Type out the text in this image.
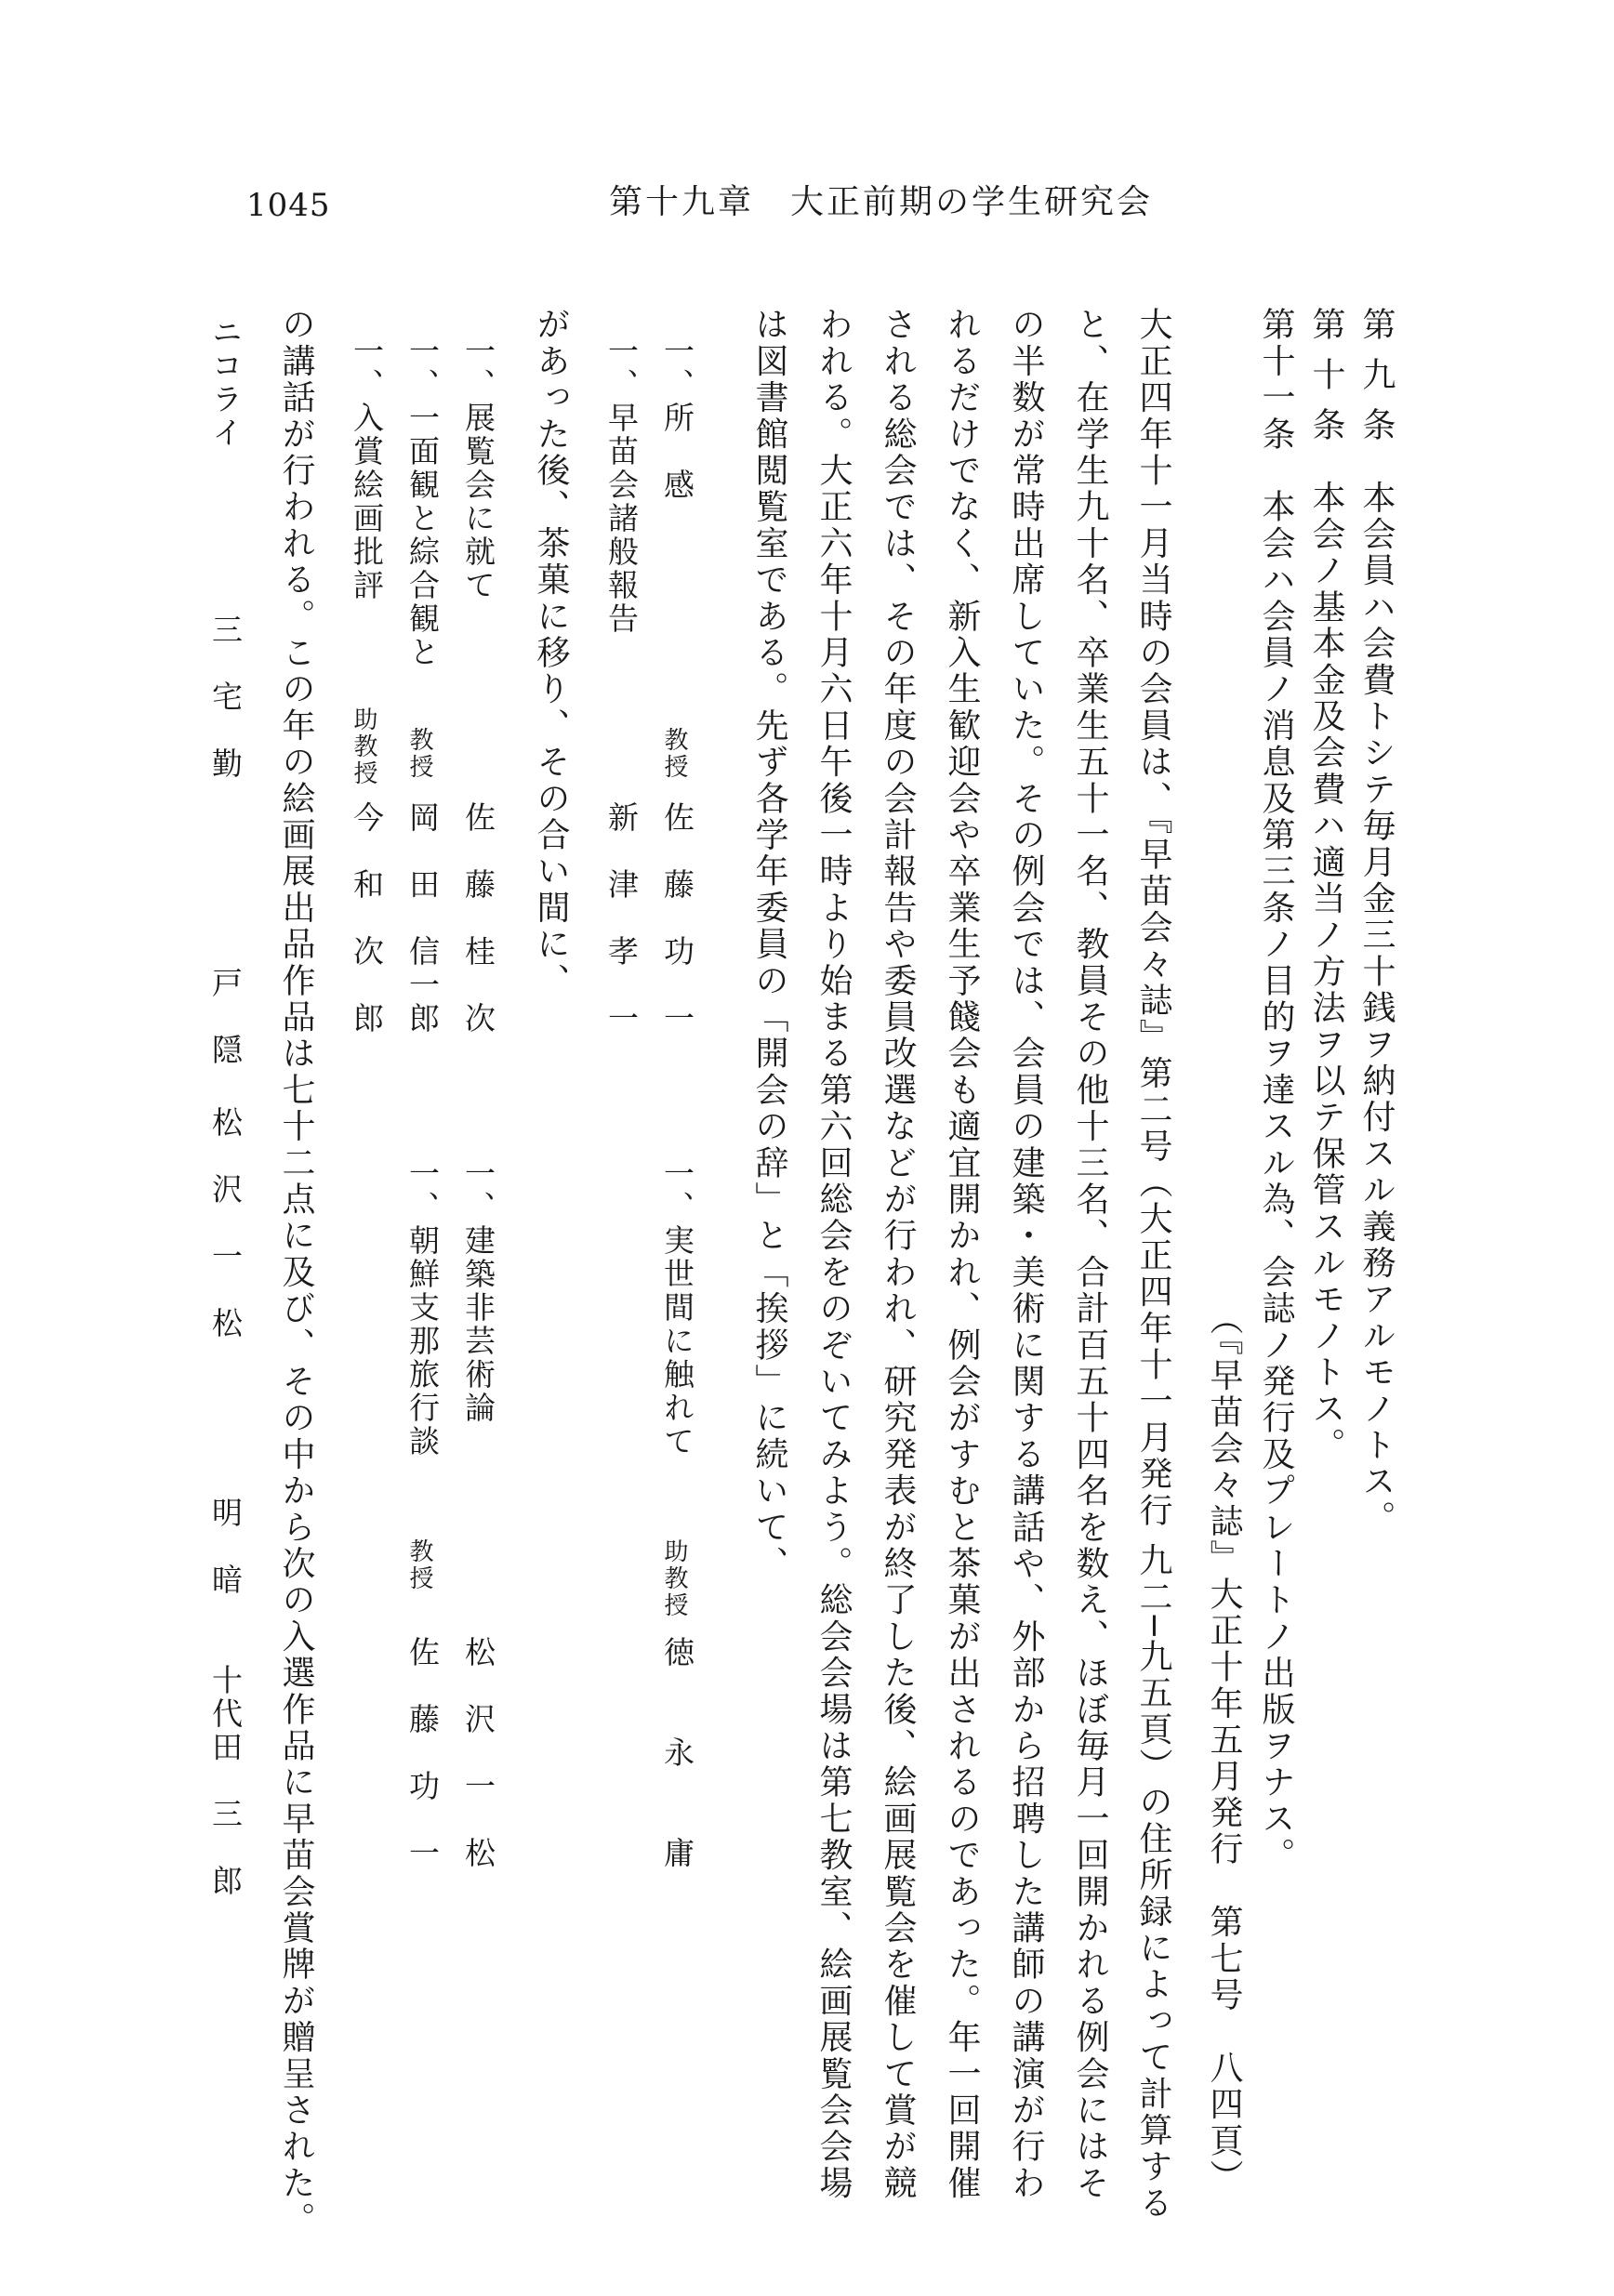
1045	第十九章　大正前期の学生研究会
第 九 条　本会員ハ会費トシテ毎月金三十銭ヲ納付スル義務アルモノトス。
第 十 条　本会ノ基本金及会費ハ適当ノ方法ヲ以テ保管スルモノトス。
第十一条　本会ハ会員ノ消息及第三条ノ目的ヲ達スル為、会誌ノ発行及プレートノ出版ヲナス。
（『早苗会々誌』大正十年五月発行　第七号　八四頁）
大正四年十一月当時の会員は、『早苗会々誌』第二号（大正四年十一月発行 九二─九五頁）の住所録によって計算する
と、在学生九十名、卒業生五十一名、教員その他十三名、合計百五十四名を数え、ほぼ毎月一回開かれる例会にはそ
の半数が常時出席していた。その例会では、会員の建築・美術に関する講話や、外部から招聘した講師の講演が行わ
れるだけでなく、新入生歓迎会や卒業生予餞会も適宜開かれ、例会がすむと茶菓が出されるのであった。年一回開催
される総会では、その年度の会計報告や委員改選などが行われ、研究発表が終了した後、絵画展覧会を催して賞が競
われる。大正六年十月六日午後一時より始まる第六回総会をのぞいてみよう。総会会場は第七教室、絵画展覧会会場
は図書館閲覧室である。先ず各学年委員の「開会の辞」と「挨拶」に続いて、
一、所　感
教授
佐　藤　功　一
一、実世間に触れて
助教授
徳　　永　　庸
一、早苗会諸般報告
新　津　孝　一
があった後、茶菓に移り、その合い間に、
一、展覧会に就て
佐　藤　桂　次
一、建築非芸術論
松　沢　一　松
一、一面観と綜合観と
教授
岡　田　信一郎
一、朝鮮支那旅行談
教授
佐　藤　功　一
一、入賞絵画批評
助教授
今　和　次　郎
の講話が行われる。この年の絵画展出品作品は七十二点に及び、その中から次の入選作品に早苗会賞牌が贈呈された。
ニコライ
三　宅　勤
戸　隠
松　沢　一　松
明　暗
十代田　三　郎
